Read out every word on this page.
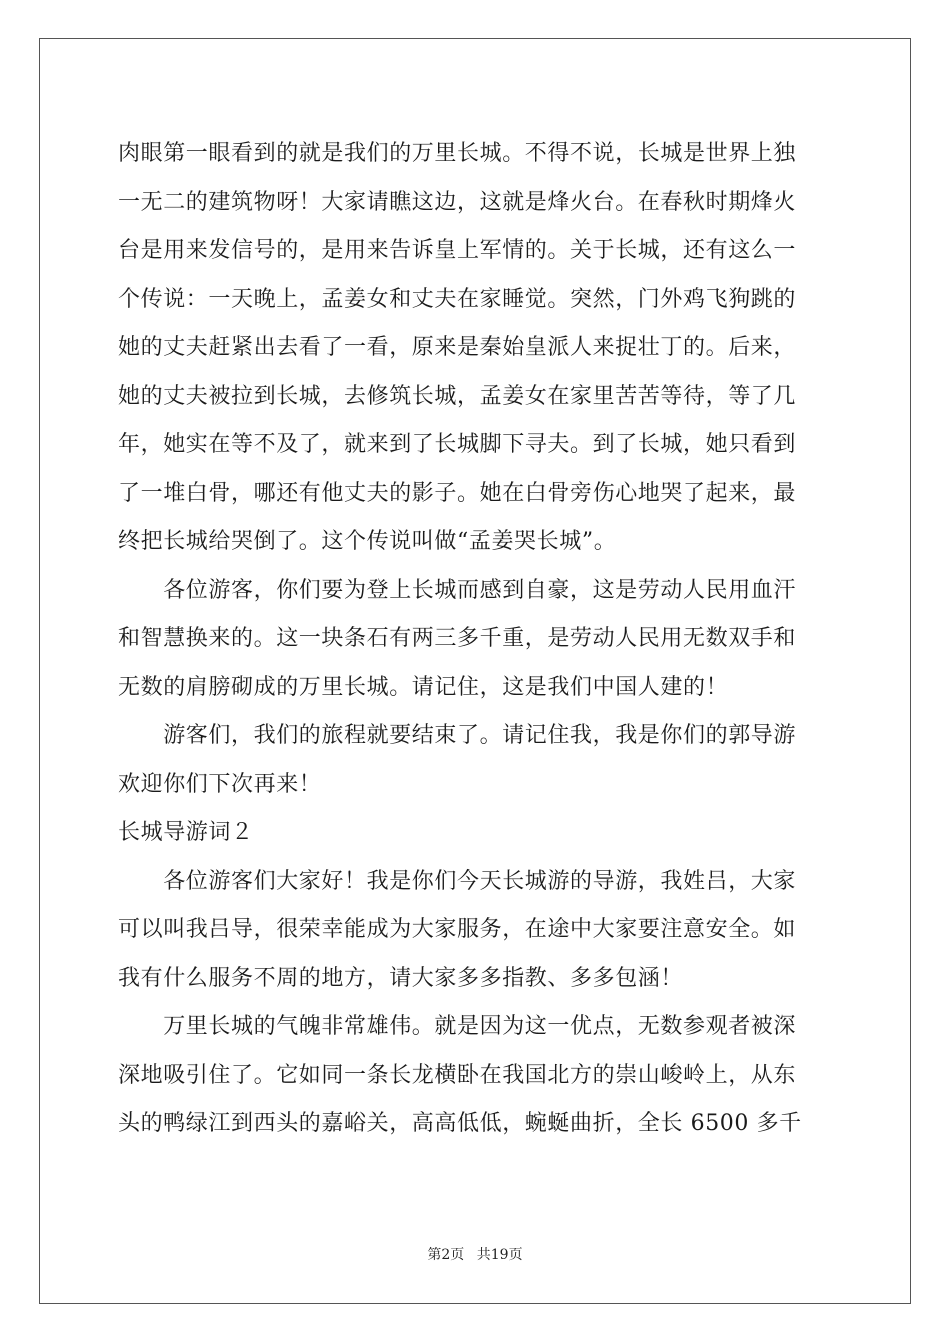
肉眼第一眼看到的就是我们的万里长城。不得不说，长城是世界上独
一无二的建筑物呀！大家请瞧这边，这就是烽火台。在春秋时期烽火
台是用来发信号的，是用来告诉皇上军情的。关于长城，还有这么一
个传说：一天晚上，孟姜女和丈夫在家睡觉。突然，门外鸡飞狗跳的
她的丈夫赶紧出去看了一看，原来是秦始皇派人来捉壮丁的。后来，
她的丈夫被拉到长城，去修筑长城，孟姜女在家里苦苦等待，等了几
年，她实在等不及了，就来到了长城脚下寻夫。到了长城，她只看到
了一堆白骨，哪还有他丈夫的影子。她在白骨旁伤心地哭了起来，最
终把长城给哭倒了。这个传说叫做“孟姜哭长城”。
　　各位游客，你们要为登上长城而感到自豪，这是劳动人民用血汗
和智慧换来的。这一块条石有两三多千重，是劳动人民用无数双手和
无数的肩膀砌成的万里长城。请记住，这是我们中国人建的！
　　游客们，我们的旅程就要结束了。请记住我，我是你们的郭导游
欢迎你们下次再来！
长城导游词２
　　各位游客们大家好！我是你们今天长城游的导游，我姓吕，大家
可以叫我吕导，很荣幸能成为大家服务，在途中大家要注意安全。如
我有什么服务不周的地方，请大家多多指教、多多包涵！
　　万里长城的气魄非常雄伟。就是因为这一优点，无数参观者被深
深地吸引住了。它如同一条长龙横卧在我国北方的崇山峻岭上，从东
头的鸭绿江到西头的嘉峪关，高高低低，蜿蜒曲折，全长 6500 多千
第2页 共19页
